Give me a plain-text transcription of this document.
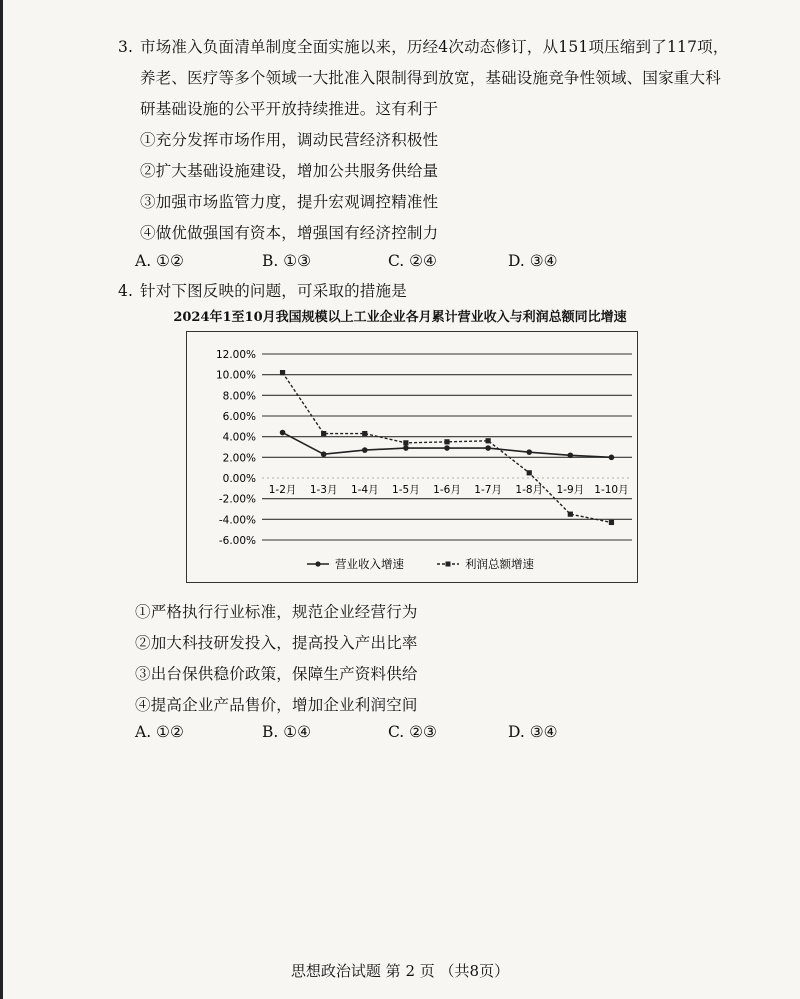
3. 市场准入负面清单制度全面实施以来，历经4次动态修订，从151项压缩到了117项，
养老、医疗等多个领域一大批准入限制得到放宽，基础设施竞争性领域、国家重大科
研基础设施的公平开放持续推进。这有利于
①充分发挥市场作用，调动民营经济积极性
②扩大基础设施建设，增加公共服务供给量
③加强市场监管力度，提升宏观调控精准性
④做优做强国有资本，增强国有经济控制力
A. ①②	B. ①③	C. ②④	D. ③④
4. 针对下图反映的问题，可采取的措施是
2024年1至10月我国规模以上工业企业各月累计营业收入与利润总额同比增速
12.00%
10.00%
8.00%
6.00%
4.00%
2.00%
0.00%
-2.00%
-4.00%
-6.00%
1-2月 1-3月 1-4月 1-5月 1-6月 1-7月 1-8月 1-9月 1-10月
营业收入增速	利润总额增速
①严格执行行业标准，规范企业经营行为
②加大科技研发投入，提高投入产出比率
③出台保供稳价政策，保障生产资料供给
④提高企业产品售价，增加企业利润空间
A. ①②	B. ①④	C. ②③	D. ③④
思想政治试题 第 2 页 （共8页）
